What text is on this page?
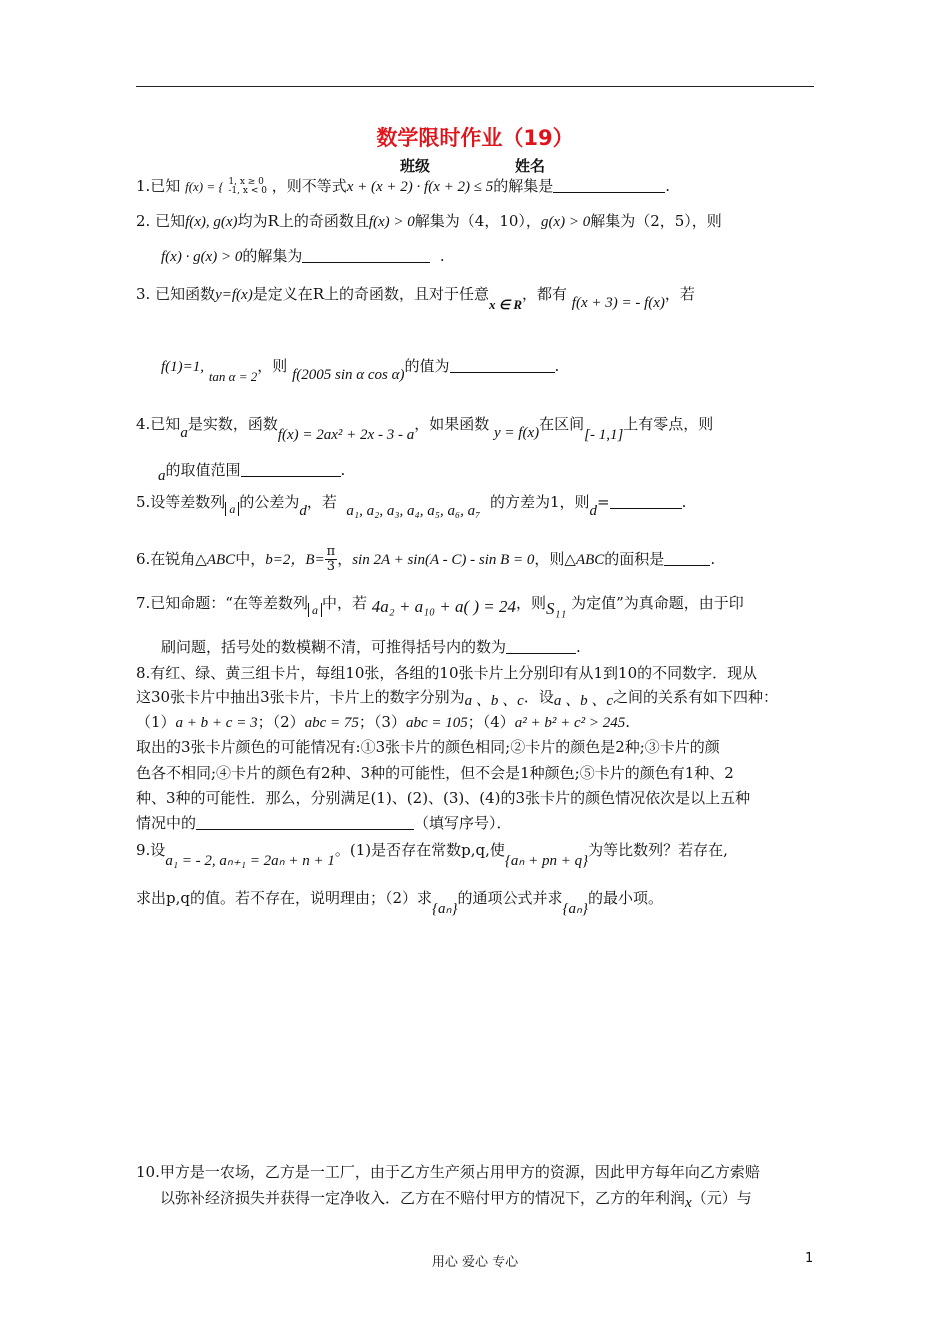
数学限时作业（19）
班级	姓名
1.已知 f(x) = { 1, x ≥ 0
-1, x < 0 ，则不等式x + (x + 2) · f(x + 2) ≤ 5的解集是	.
2. 已知f(x), g(x)均为R上的奇函数且f(x) > 0解集为（4，10），g(x) > 0解集为（2，5），则
f(x) · g(x) > 0的解集为	.
3. 已知函数y=f(x)是定义在R上的奇函数，且对于任意x ∈ R，都有 f(x + 3) = - f(x)，若
f(1)=1, tan α = 2，则 f(2005 sin α cos α)的值为	.
4.已知a是实数，函数f(x) = 2ax² + 2x - 3 - a，如果函数 y = f(x)在区间[- 1,1]上有零点，则
a的取值范围	.
5.设等差数列 a 的公差为d，若 a₁, a₂, a₃, a₄, a₅, a₆, a₇ 的方差为1，则d=	.
6.在锐角△ABC中，b=2，$B= \frac{\pi}{3}$ ，sin 2A + sin(A - C) - sin B = 0，则△ABC的面积是	.
7.已知命题：“在等差数列 a 中，若 4a₂ + a₁₀ + a( ) = 24，则S₁₁ 为定值”为真命题，由于印
刷问题，括号处的数模糊不清，可推得括号内的数为	.
8.有红、绿、黄三组卡片，每组10张，各组的10张卡片上分别印有从1到10的不同数字．现从
这30张卡片中抽出3张卡片，卡片上的数字分别为a 、b 、c．设a 、b 、c之间的关系有如下四种：
（1）a + b + c = 3；（2）abc = 75；（3）abc = 105；（4）a² + b² + c² > 245.
取出的3张卡片颜色的可能情况有:①3张卡片的颜色相同;②卡片的颜色是2种;③卡片的颜
色各不相同;④卡片的颜色有2种、3种的可能性，但不会是1种颜色;⑤卡片的颜色有1种、2
种、3种的可能性．那么，分别满足(1)、(2)、(3)、(4)的3张卡片的颜色情况依次是以上五种
情况中的	（填写序号）．
9.设a₁ = - 2, aₙ₊₁ = 2aₙ + n + 1。(1)是否存在常数p,q,使{aₙ + pn + q}为等比数列？若存在,
求出p,q的值。若不存在，说明理由；（2）求{aₙ}的通项公式并求{aₙ}的最小项。
10.甲方是一农场，乙方是一工厂，由于乙方生产须占用甲方的资源，因此甲方每年向乙方索赔
以弥补经济损失并获得一定净收入．乙方在不赔付甲方的情况下，乙方的年利润x（元）与
用心 爱心 专心	1
